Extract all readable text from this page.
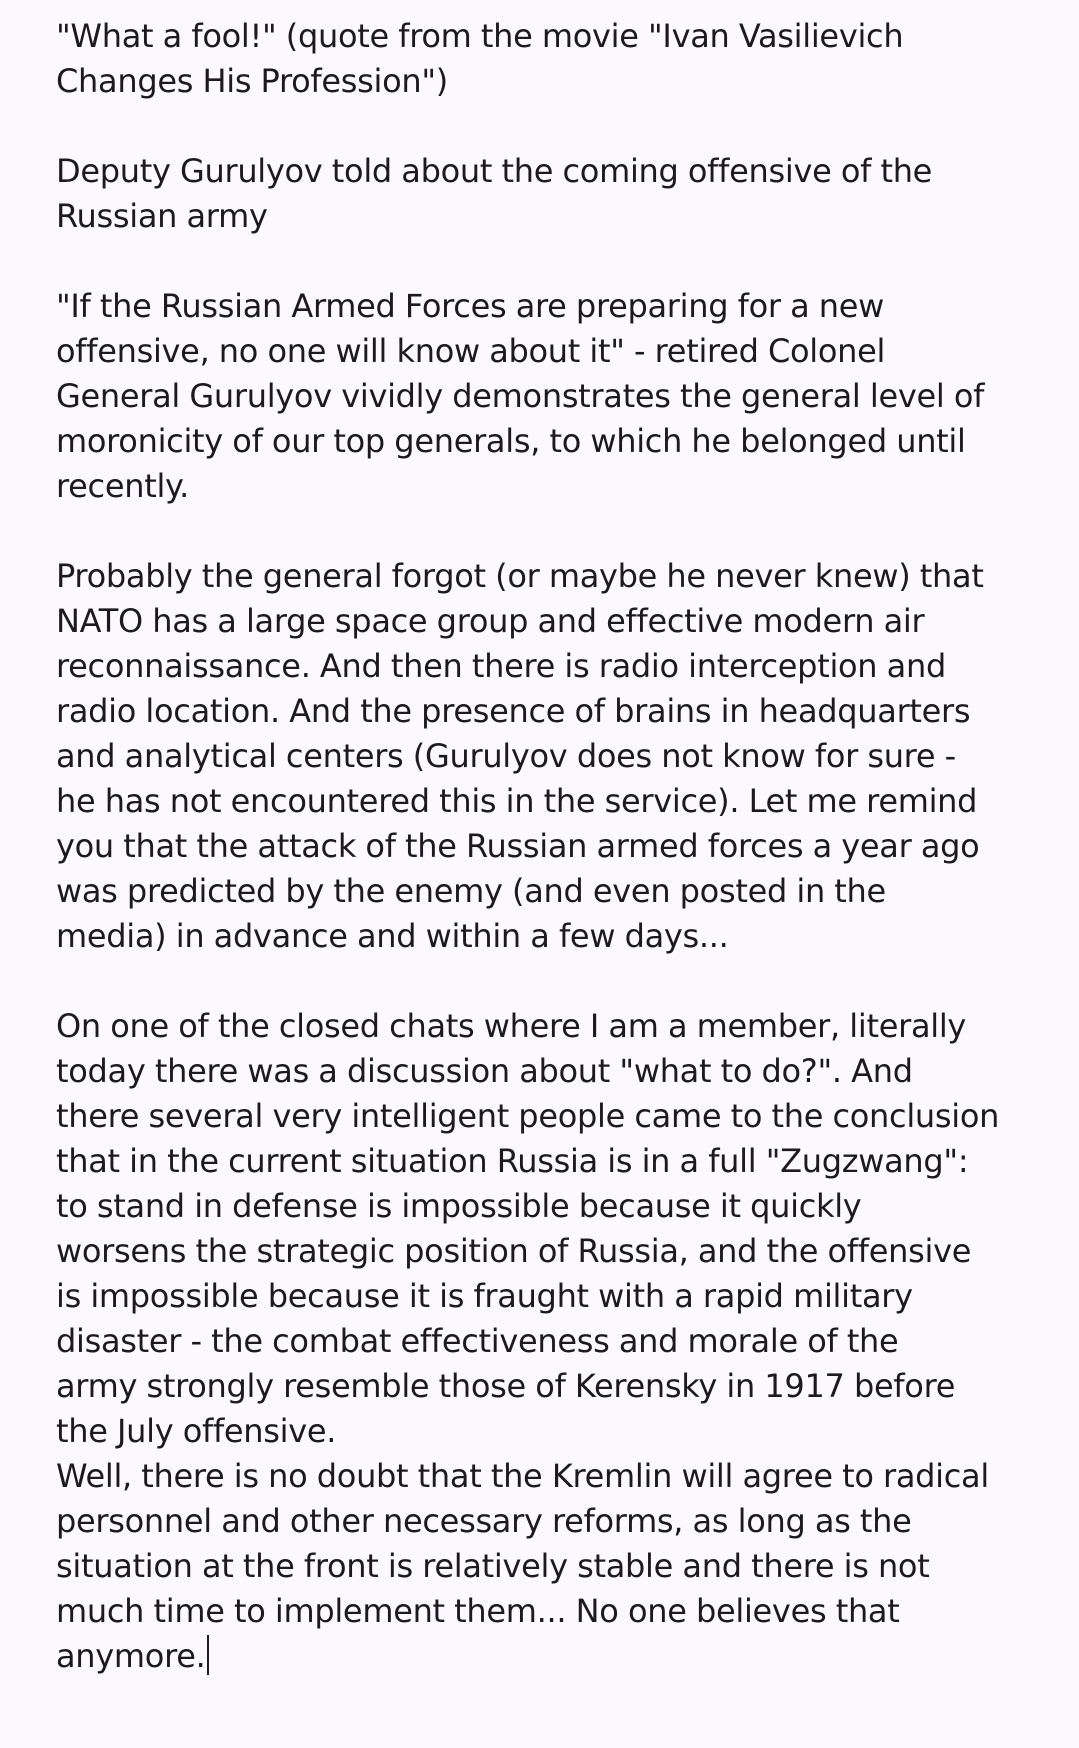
"What a fool!" (quote from the movie "Ivan Vasilievich
Changes His Profession")
Deputy Gurulyov told about the coming offensive of the
Russian army
"If the Russian Armed Forces are preparing for a new
offensive, no one will know about it" - retired Colonel
General Gurulyov vividly demonstrates the general level of
moronicity of our top generals, to which he belonged until
recently.
Probably the general forgot (or maybe he never knew) that
NATO has a large space group and effective modern air
reconnaissance. And then there is radio interception and
radio location. And the presence of brains in headquarters
and analytical centers (Gurulyov does not know for sure -
he has not encountered this in the service). Let me remind
you that the attack of the Russian armed forces a year ago
was predicted by the enemy (and even posted in the
media) in advance and within a few days...
On one of the closed chats where I am a member, literally
today there was a discussion about "what to do?". And
there several very intelligent people came to the conclusion
that in the current situation Russia is in a full "Zugzwang":
to stand in defense is impossible because it quickly
worsens the strategic position of Russia, and the offensive
is impossible because it is fraught with a rapid military
disaster - the combat effectiveness and morale of the
army strongly resemble those of Kerensky in 1917 before
the July offensive.
Well, there is no doubt that the Kremlin will agree to radical
personnel and other necessary reforms, as long as the
situation at the front is relatively stable and there is not
much time to implement them... No one believes that
anymore.
